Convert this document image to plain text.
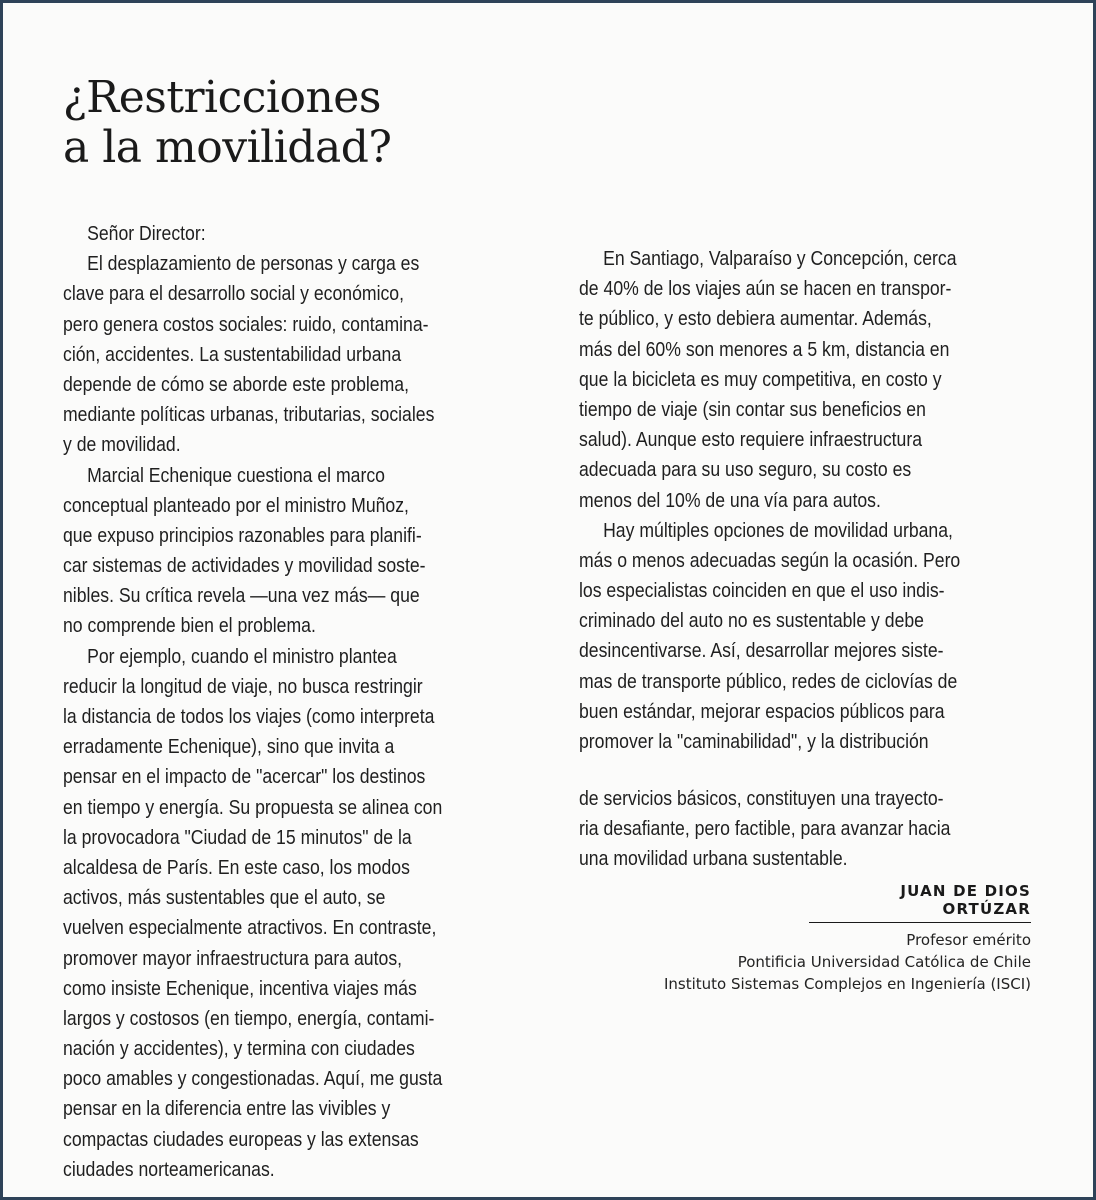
¿Restricciones
a la movilidad?
Señor Director:
El desplazamiento de personas y carga es
clave para el desarrollo social y económico,
pero genera costos sociales: ruido, contamina-
ción, accidentes. La sustentabilidad urbana
depende de cómo se aborde este problema,
mediante políticas urbanas, tributarias, sociales
y de movilidad.
Marcial Echenique cuestiona el marco
conceptual planteado por el ministro Muñoz,
que expuso principios razonables para planifi-
car sistemas de actividades y movilidad soste-
nibles. Su crítica revela —una vez más— que
no comprende bien el problema.
Por ejemplo, cuando el ministro plantea
reducir la longitud de viaje, no busca restringir
la distancia de todos los viajes (como interpreta
erradamente Echenique), sino que invita a
pensar en el impacto de "acercar" los destinos
en tiempo y energía. Su propuesta se alinea con
la provocadora "Ciudad de 15 minutos" de la
alcaldesa de París. En este caso, los modos
activos, más sustentables que el auto, se
vuelven especialmente atractivos. En contraste,
promover mayor infraestructura para autos,
como insiste Echenique, incentiva viajes más
largos y costosos (en tiempo, energía, contami-
nación y accidentes), y termina con ciudades
poco amables y congestionadas. Aquí, me gusta
pensar en la diferencia entre las vivibles y
compactas ciudades europeas y las extensas
ciudades norteamericanas.
En Santiago, Valparaíso y Concepción, cerca
de 40% de los viajes aún se hacen en transpor-
te público, y esto debiera aumentar. Además,
más del 60% son menores a 5 km, distancia en
que la bicicleta es muy competitiva, en costo y
tiempo de viaje (sin contar sus beneficios en
salud). Aunque esto requiere infraestructura
adecuada para su uso seguro, su costo es
menos del 10% de una vía para autos.
Hay múltiples opciones de movilidad urbana,
más o menos adecuadas según la ocasión. Pero
los especialistas coinciden en que el uso indis-
criminado del auto no es sustentable y debe
desincentivarse. Así, desarrollar mejores siste-
mas de transporte público, redes de ciclovías de
buen estándar, mejorar espacios públicos para
promover la "caminabilidad", y la distribución
de servicios básicos, constituyen una trayecto-
ria desafiante, pero factible, para avanzar hacia
una movilidad urbana sustentable.
JUAN DE DIOS ORTÚZAR
Profesor emérito
Pontificia Universidad Católica de Chile
Instituto Sistemas Complejos en Ingeniería (ISCI)
